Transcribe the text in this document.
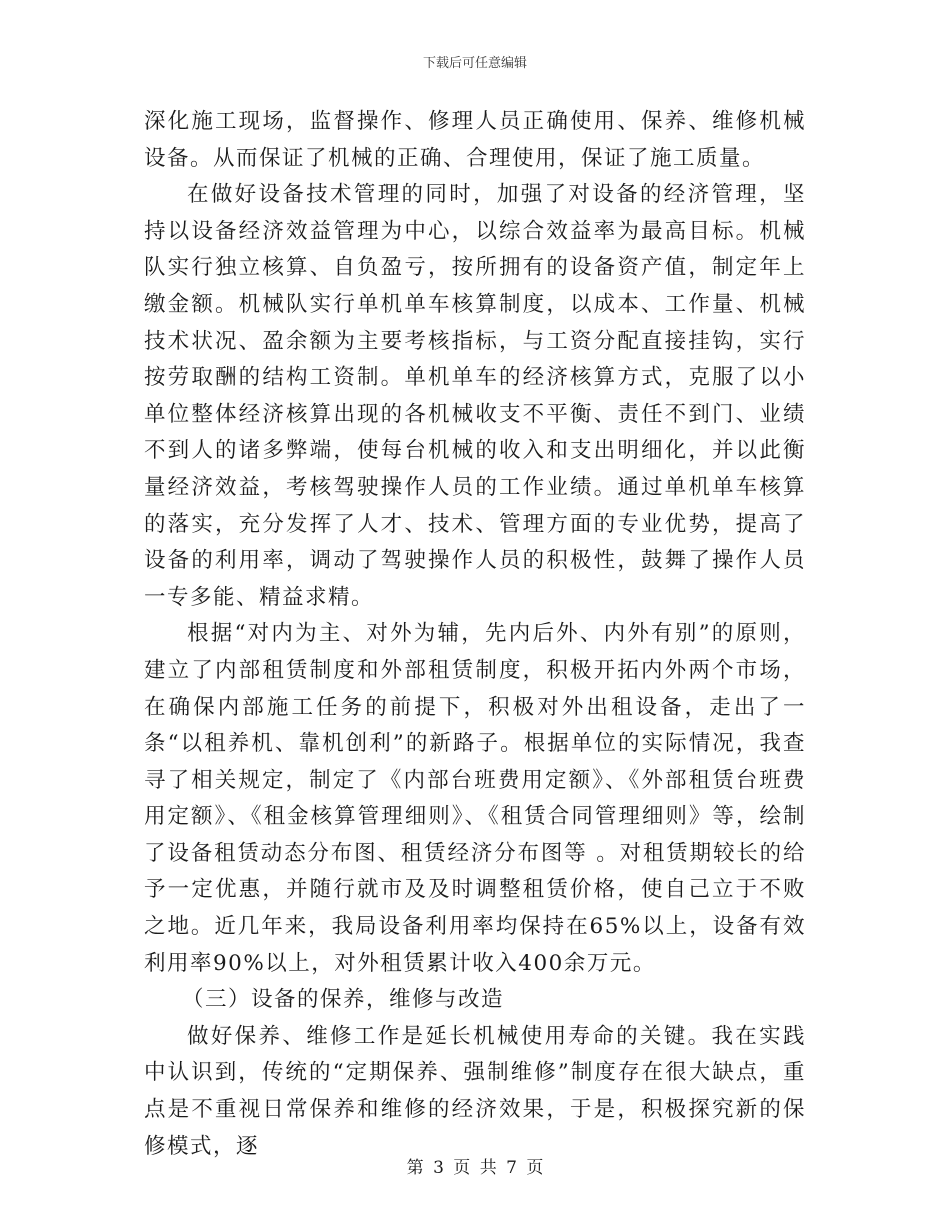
下载后可任意编辑

深化施工现场，监督操作、修理人员正确使用、保养、维修机械设备。从而保证了机械的正确、合理使用，保证了施工质量。

在做好设备技术管理的同时，加强了对设备的经济管理，坚持以设备经济效益管理为中心，以综合效益率为最高目标。机械队实行独立核算、自负盈亏，按所拥有的设备资产值，制定年上缴金额。机械队实行单机单车核算制度，以成本、工作量、机械技术状况、盈余额为主要考核指标，与工资分配直接挂钩，实行按劳取酬的结构工资制。单机单车的经济核算方式，克服了以小单位整体经济核算出现的各机械收支不平衡、责任不到门、业绩不到人的诸多弊端，使每台机械的收入和支出明细化，并以此衡量经济效益，考核驾驶操作人员的工作业绩。通过单机单车核算的落实，充分发挥了人才、技术、管理方面的专业优势，提高了设备的利用率，调动了驾驶操作人员的积极性，鼓舞了操作人员一专多能、精益求精。

根据“对内为主、对外为辅，先内后外、内外有别”的原则，建立了内部租赁制度和外部租赁制度，积极开拓内外两个市场，在确保内部施工任务的前提下，积极对外出租设备，走出了一条“以租养机、靠机创利”的新路子。根据单位的实际情况，我查寻了相关规定，制定了《内部台班费用定额》、《外部租赁台班费用定额》、《租金核算管理细则》、《租赁合同管理细则》等，绘制了设备租赁动态分布图、租赁经济分布图等 。对租赁期较长的给予一定优惠，并随行就市及及时调整租赁价格，使自己立于不败之地。近几年来，我局设备利用率均保持在65%以上，设备有效利用率90%以上，对外租赁累计收入400余万元。

（三）设备的保养，维修与改造

做好保养、维修工作是延长机械使用寿命的关键。我在实践中认识到，传统的“定期保养、强制维修”制度存在很大缺点，重点是不重视日常保养和维修的经济效果，于是，积极探究新的保修模式，逐

第 3 页 共 7 页
